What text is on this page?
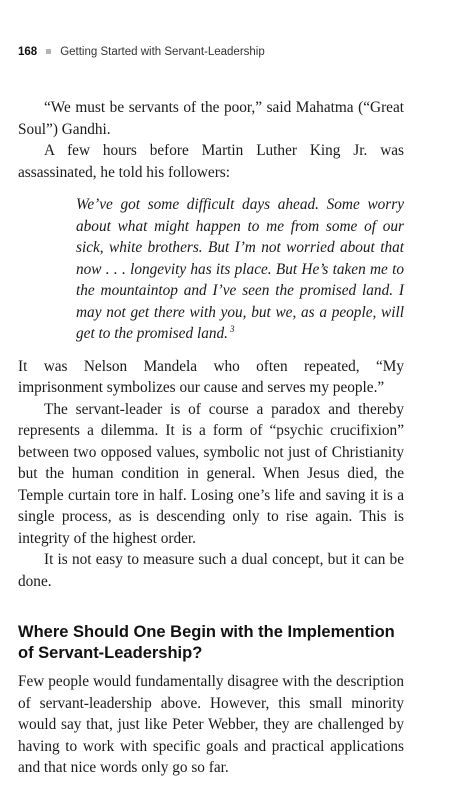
168 Getting Started with Servant-Leadership

“We must be servants of the poor,” said Mahatma (“Great Soul”) Gandhi.

A few hours before Martin Luther King Jr. was assassinated, he told his followers:

We’ve got some difficult days ahead. Some worry about what might happen to me from some of our sick, white brothers. But I’m not worried about that now . . . longevity has its place. But He’s taken me to the mountaintop and I’ve seen the promised land. I may not get there with you, but we, as a people, will get to the promised land. $^3$

It was Nelson Mandela who often repeated, “My imprisonment symbolizes our cause and serves my people.”

The servant-leader is of course a paradox and thereby represents a dilemma. It is a form of “psychic crucifixion” between two opposed values, symbolic not just of Christianity but the human condition in general. When Jesus died, the Temple curtain tore in half. Losing one’s life and saving it is a single process, as is descending only to rise again. This is integrity of the highest order.

It is not easy to measure such a dual concept, but it can be done.

Where Should One Begin with the Implemention of Servant-Leadership?

Few people would fundamentally disagree with the description of servant-leadership above. However, this small minority would say that, just like Peter Webber, they are challenged by having to work with specific goals and practical applications and that nice words only go so far.
